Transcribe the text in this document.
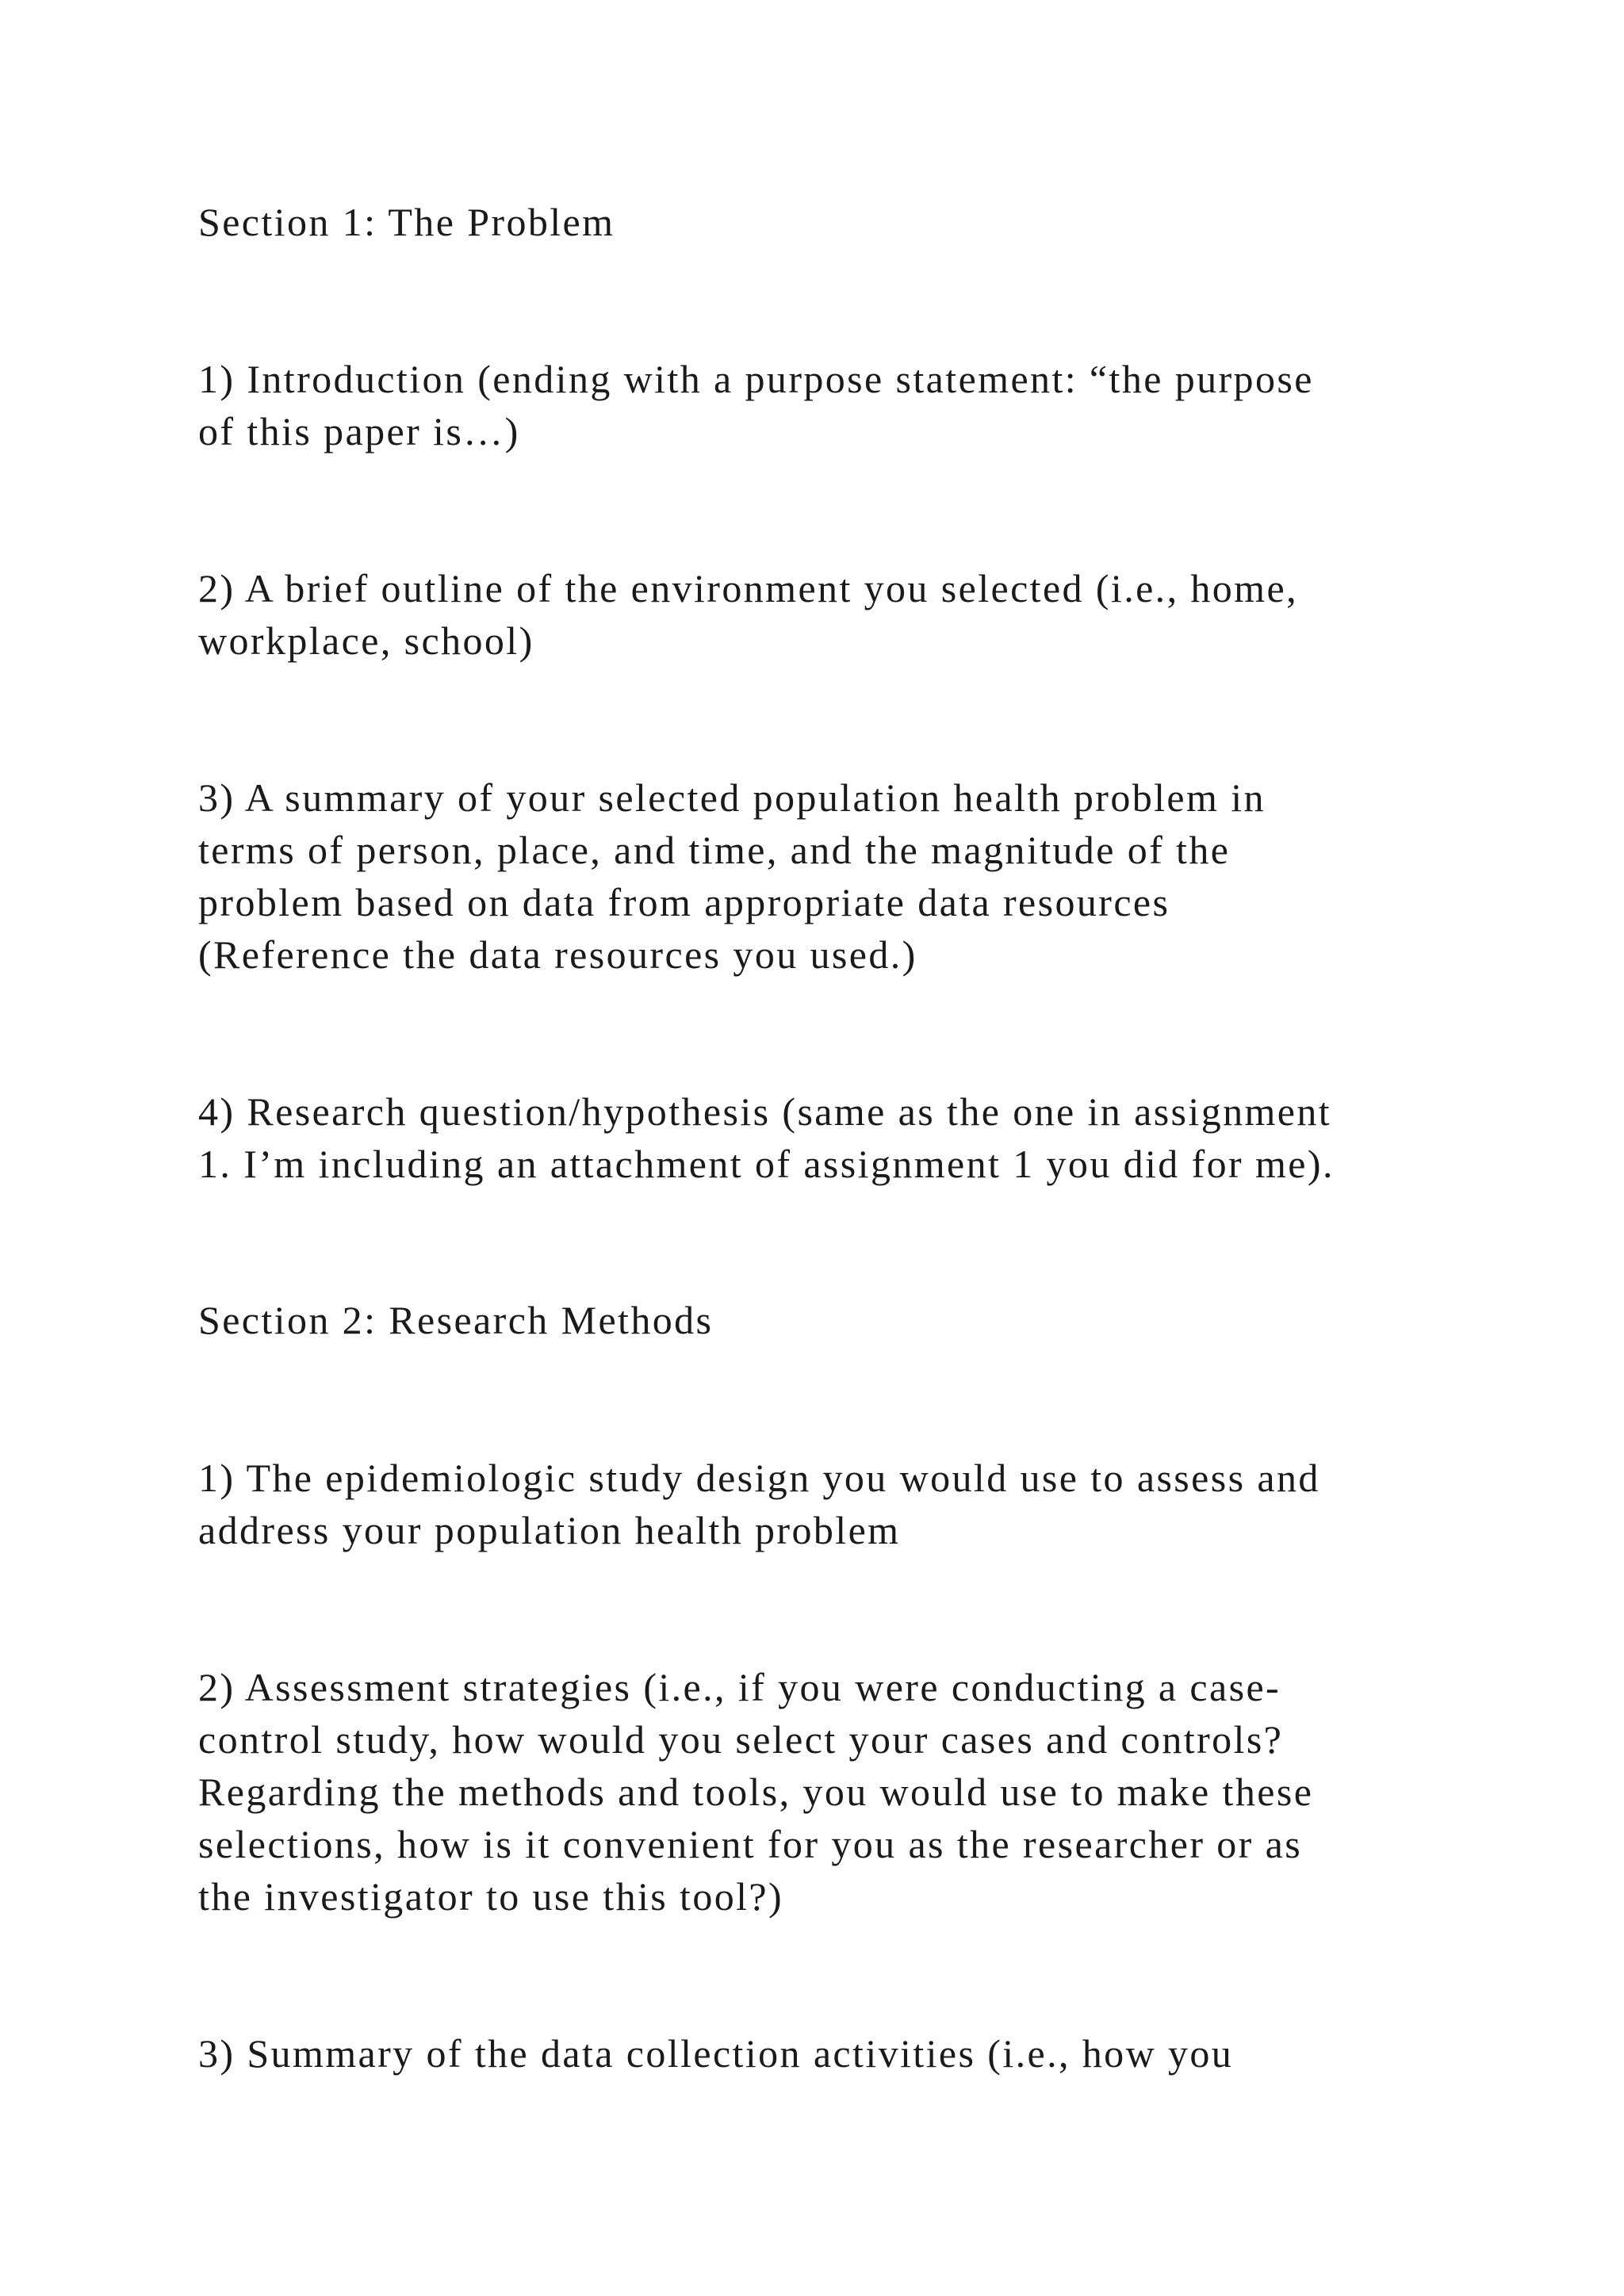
Section 1: The Problem

1) Introduction (ending with a purpose statement: “the purpose
of this paper is…)

2) A brief outline of the environment you selected (i.e., home,
workplace, school)

3) A summary of your selected population health problem in
terms of person, place, and time, and the magnitude of the
problem based on data from appropriate data resources
(Reference the data resources you used.)

4) Research question/hypothesis (same as the one in assignment
1. I’m including an attachment of assignment 1 you did for me).

Section 2: Research Methods

1) The epidemiologic study design you would use to assess and
address your population health problem

2) Assessment strategies (i.e., if you were conducting a case-
control study, how would you select your cases and controls?
Regarding the methods and tools, you would use to make these
selections, how is it convenient for you as the researcher or as
the investigator to use this tool?)

3) Summary of the data collection activities (i.e., how you
